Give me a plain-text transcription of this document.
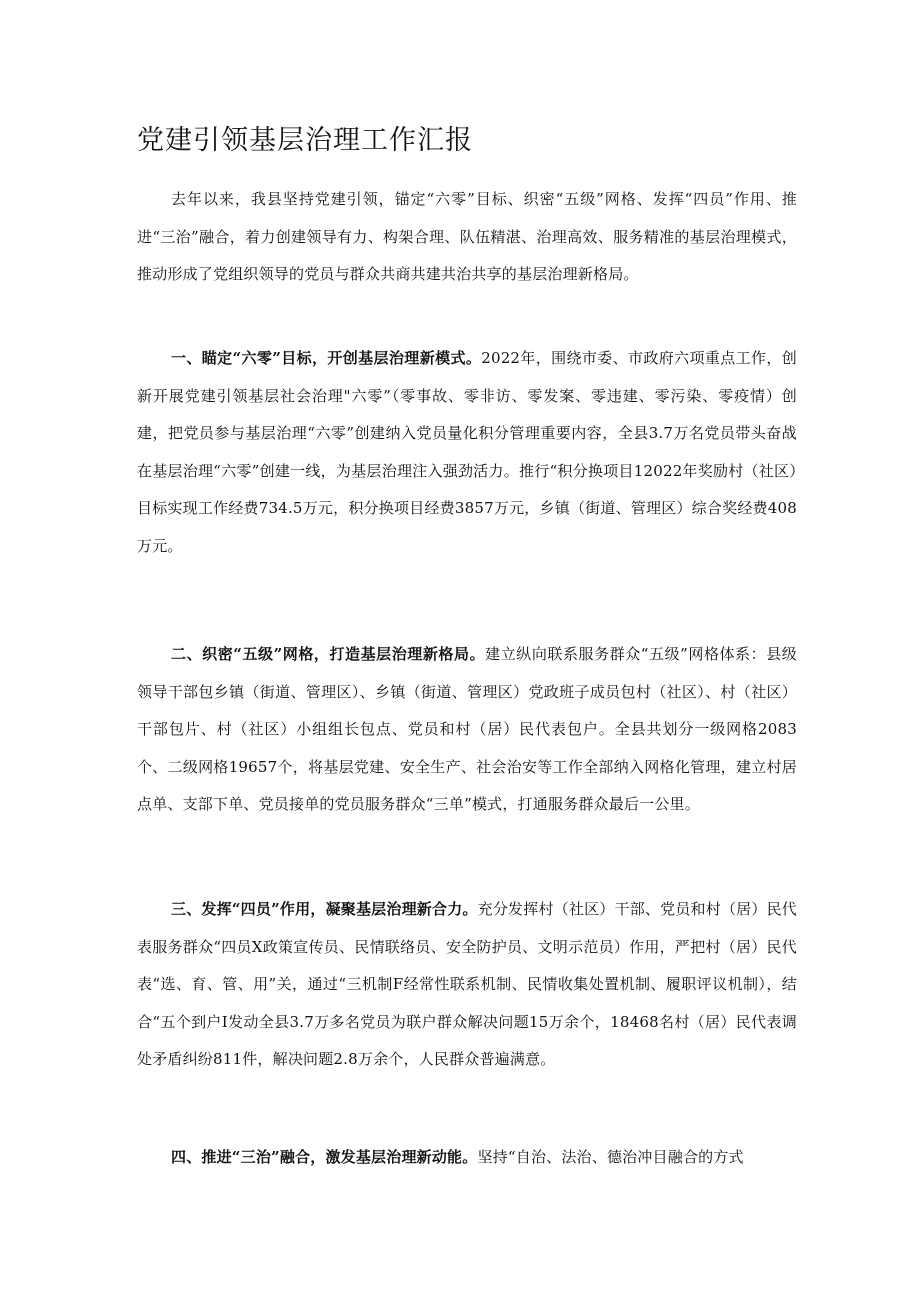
党建引领基层治理工作汇报

去年以来，我县坚持党建引领，锚定“六零”目标、织密“五级”网格、发挥“四员”作用、推进“三治”融合，着力创建领导有力、构架合理、队伍精湛、治理高效、服务精准的基层治理模式，推动形成了党组织领导的党员与群众共商共建共治共享的基层治理新格局。

一、瞄定“六零”目标，开创基层治理新模式。2022年，围绕市委、市政府六项重点工作，创新开展党建引领基层社会治理"六零”（零事故、零非访、零发案、零违建、零污染、零疫情）创建，把党员参与基层治理“六零”创建纳入党员量化积分管理重要内容，全县3.7万名党员带头奋战在基层治理“六零”创建一线，为基层治理注入强劲活力。推行“积分换项目12022年奖励村（社区）目标实现工作经费734.5万元，积分换项目经费3857万元，乡镇（街道、管理区）综合奖经费408万元。

二、织密“五级”网格，打造基层治理新格局。建立纵向联系服务群众“五级”网格体系：县级领导干部包乡镇（街道、管理区）、乡镇（街道、管理区）党政班子成员包村（社区）、村（社区）干部包片、村（社区）小组组长包点、党员和村（居）民代表包户。全县共划分一级网格2083个、二级网格19657个，将基层党建、安全生产、社会治安等工作全部纳入网格化管理，建立村居点单、支部下单、党员接单的党员服务群众“三单”模式，打通服务群众最后一公里。

三、发挥“四员”作用，凝聚基层治理新合力。充分发挥村（社区）干部、党员和村（居）民代表服务群众“四员X政策宣传员、民情联络员、安全防护员、文明示范员）作用，严把村（居）民代表“选、育、管、用”关，通过“三机制F经常性联系机制、民情收集处置机制、履职评议机制），结合“五个到户I发动全县3.7万多名党员为联户群众解决问题15万余个，18468名村（居）民代表调处矛盾纠纷811件，解决问题2.8万余个，人民群众普遍满意。

四、推进“三治”融合，激发基层治理新动能。坚持“自治、法治、德治冲目融合的方式
